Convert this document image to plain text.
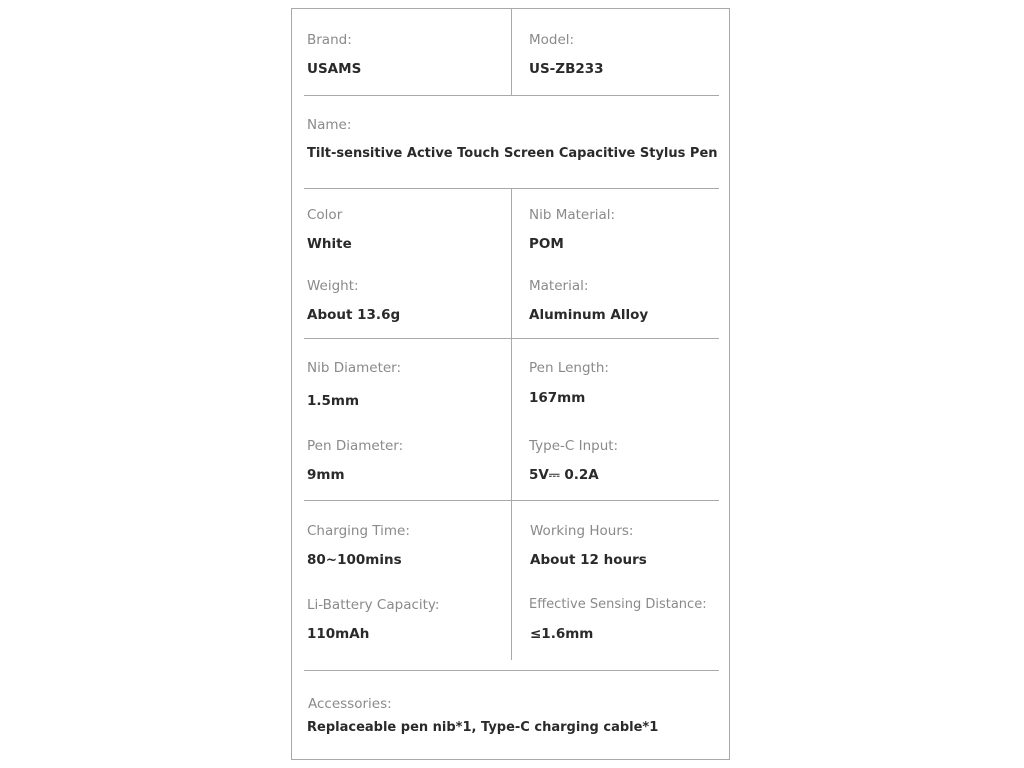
Brand:
USAMS
Model:
US-ZB233
Name:
Tilt-sensitive Active Touch Screen Capacitive Stylus Pen
Color
White
Nib Material:
POM
Weight:
About 13.6g
Material:
Aluminum Alloy
Nib Diameter:
1.5mm
Pen Length:
167mm
Pen Diameter:
9mm
Type-C Input:
5V⎓ 0.2A
Charging Time:
80~100mins
Working Hours:
About 12 hours
Li-Battery Capacity:
110mAh
Effective Sensing Distance:
≤1.6mm
Accessories:
Replaceable pen nib*1, Type-C charging cable*1
